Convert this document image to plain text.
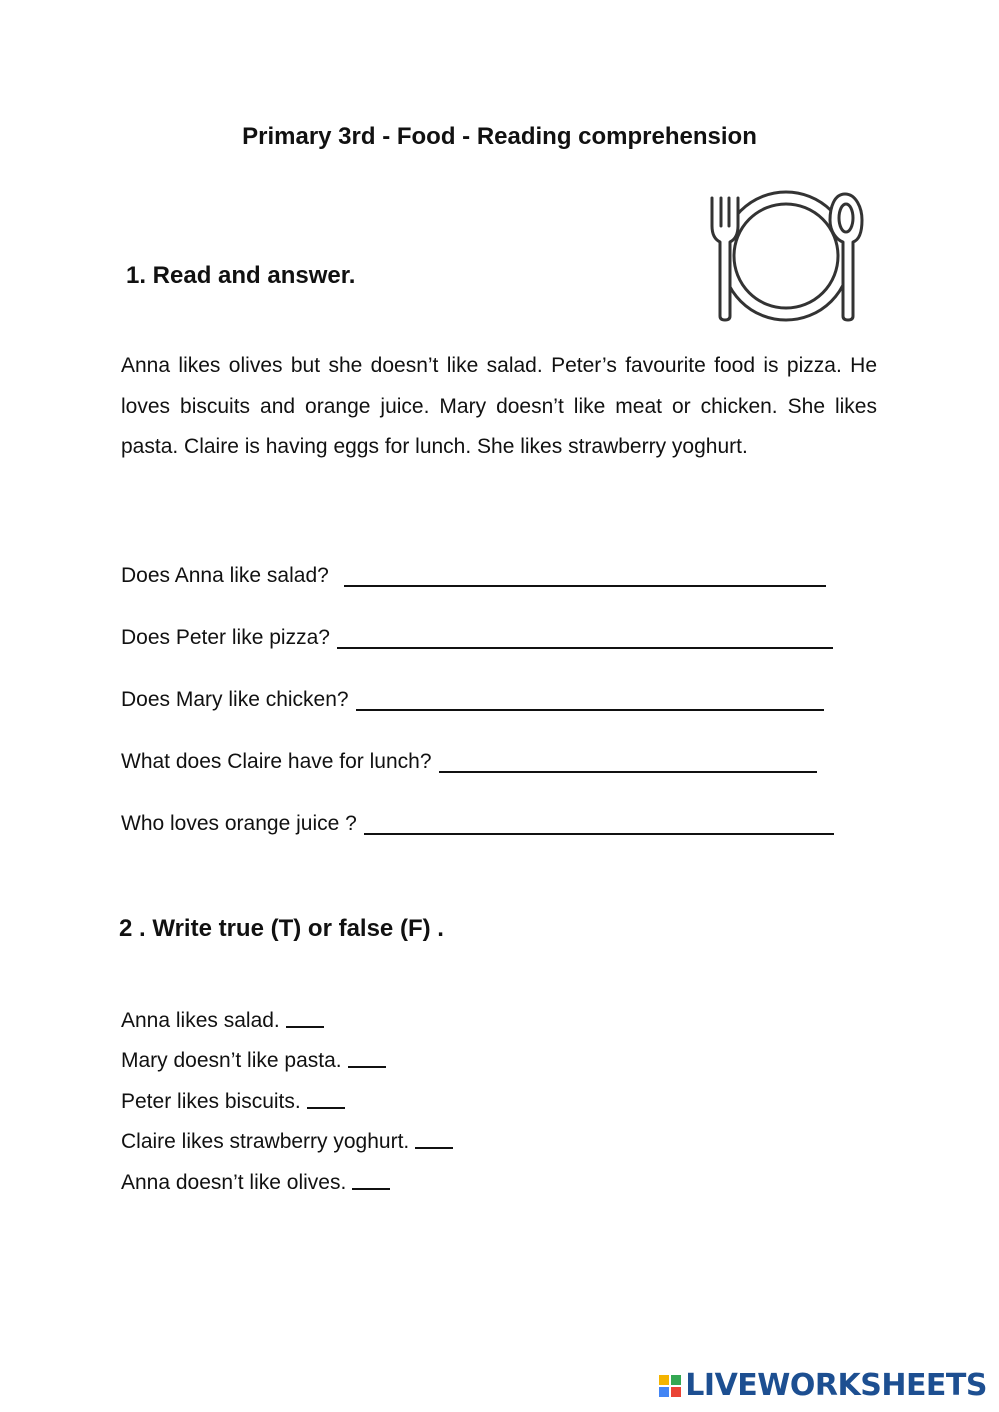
Primary 3rd - Food - Reading comprehension
1. Read and answer.

Anna likes olives but she doesn’t like salad. Peter’s favourite food is pizza. He loves biscuits and orange juice. Mary doesn’t like meat or chicken. She likes pasta. Claire is having eggs for lunch. She likes strawberry yoghurt.

Does Anna like salad?
Does Peter like pizza?
Does Mary like chicken?
What does Claire have for lunch?
Who loves orange juice ?
2 . Write true (T) or false (F) .
Anna likes salad.
Mary doesn’t like pasta.
Peter likes biscuits.
Claire likes strawberry yoghurt.
Anna doesn’t like olives.
LIVEWORKSHEETS
